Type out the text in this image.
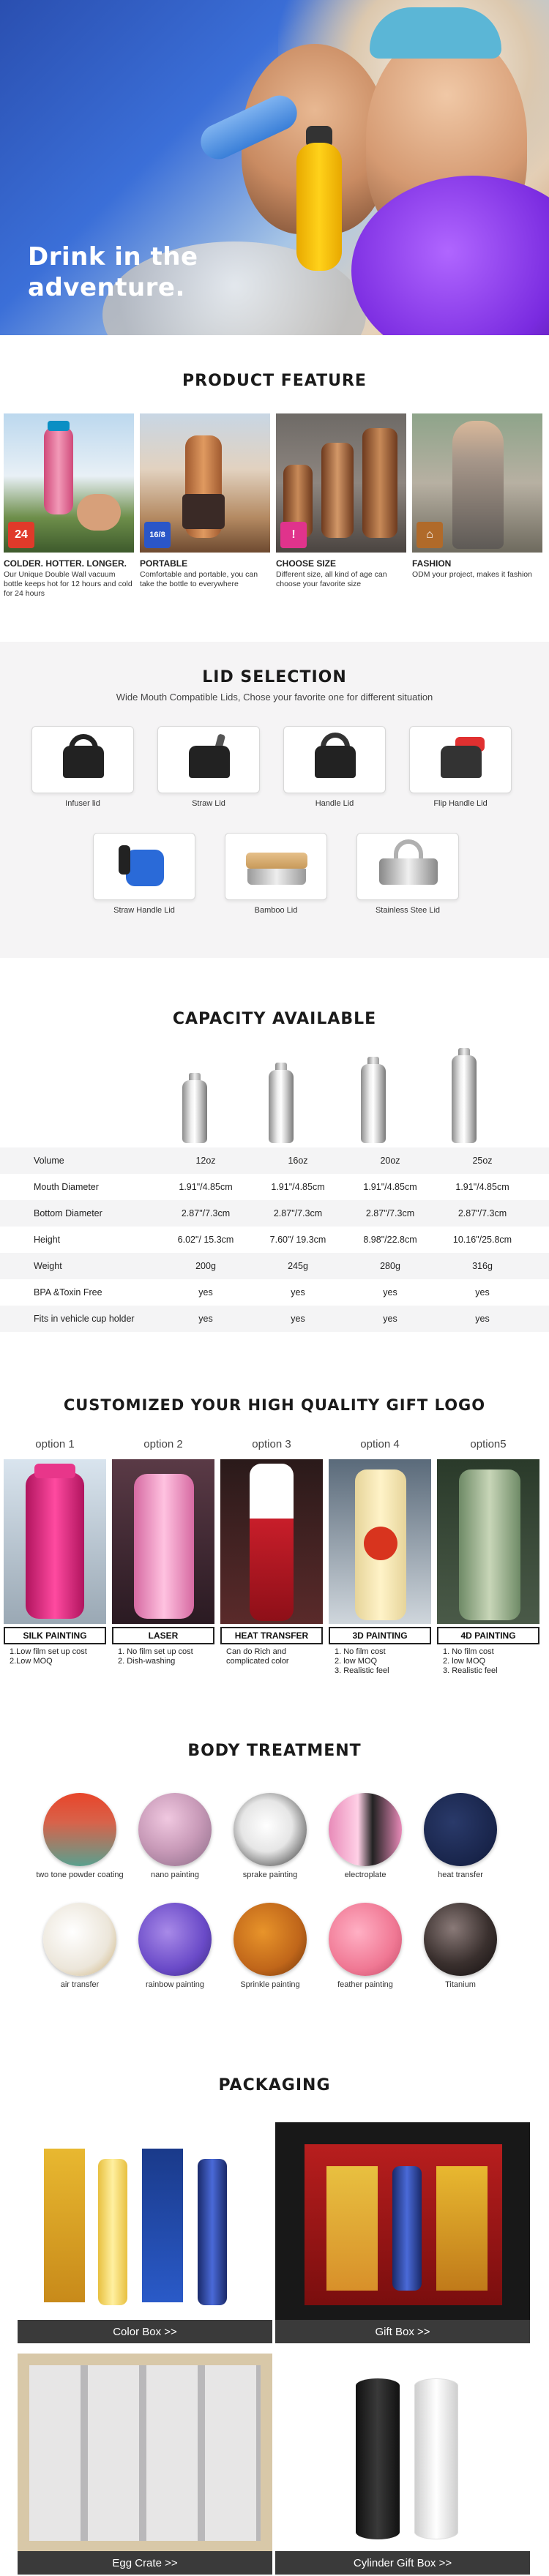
Drink in the
adventure.
PRODUCT FEATURE
24
COLDER. HOTTER. LONGER.
Our Unique Double Wall vacuum bottle keeps hot for 12 hours and cold for 24 hours
16/8
PORTABLE
Comfortable and portable, you can take the bottle to everywhere
!
CHOOSE SIZE
Different size, all kind of age can choose your favorite size
⌂
FASHION
ODM your project, makes it fashion
LID SELECTION
Wide Mouth Compatible Lids, Chose your favorite one for different situation
Infuser lid	Straw Lid	Handle Lid	Flip Handle Lid
Straw Handle Lid	Bamboo Lid	Stainless Stee Lid
CAPACITY AVAILABLE
Volume	12oz	16oz	20oz	25oz
Mouth Diameter	1.91"/4.85cm	1.91"/4.85cm	1.91"/4.85cm	1.91"/4.85cm
Bottom Diameter	2.87"/7.3cm	2.87"/7.3cm	2.87"/7.3cm	2.87"/7.3cm
Height	6.02"/ 15.3cm	7.60"/ 19.3cm	8.98"/22.8cm	10.16"/25.8cm
Weight	200g	245g	280g	316g
BPA &Toxin Free	yes	yes	yes	yes
Fits in vehicle cup holder	yes	yes	yes	yes
CUSTOMIZED YOUR HIGH QUALITY GIFT LOGO
option 1
SILK PAINTING
1.Low film set up cost
2.Low MOQ
option 2
LASER
1. No film set up cost
2. Dish-washing
option 3
HEAT TRANSFER
Can do Rich and
complicated color
option 4
3D PAINTING
1. No film cost
2. low MOQ
3. Realistic feel
option5
4D PAINTING
1. No film cost
2. low MOQ
3. Realistic feel
BODY TREATMENT
two tone powder coating	nano painting	sprake painting	electroplate	heat transfer
air transfer	rainbow painting	Sprinkle painting	feather painting	Titanium
PACKAGING
Color Box >>	Gift Box >>
Egg Crate >>	Cylinder Gift Box >>
